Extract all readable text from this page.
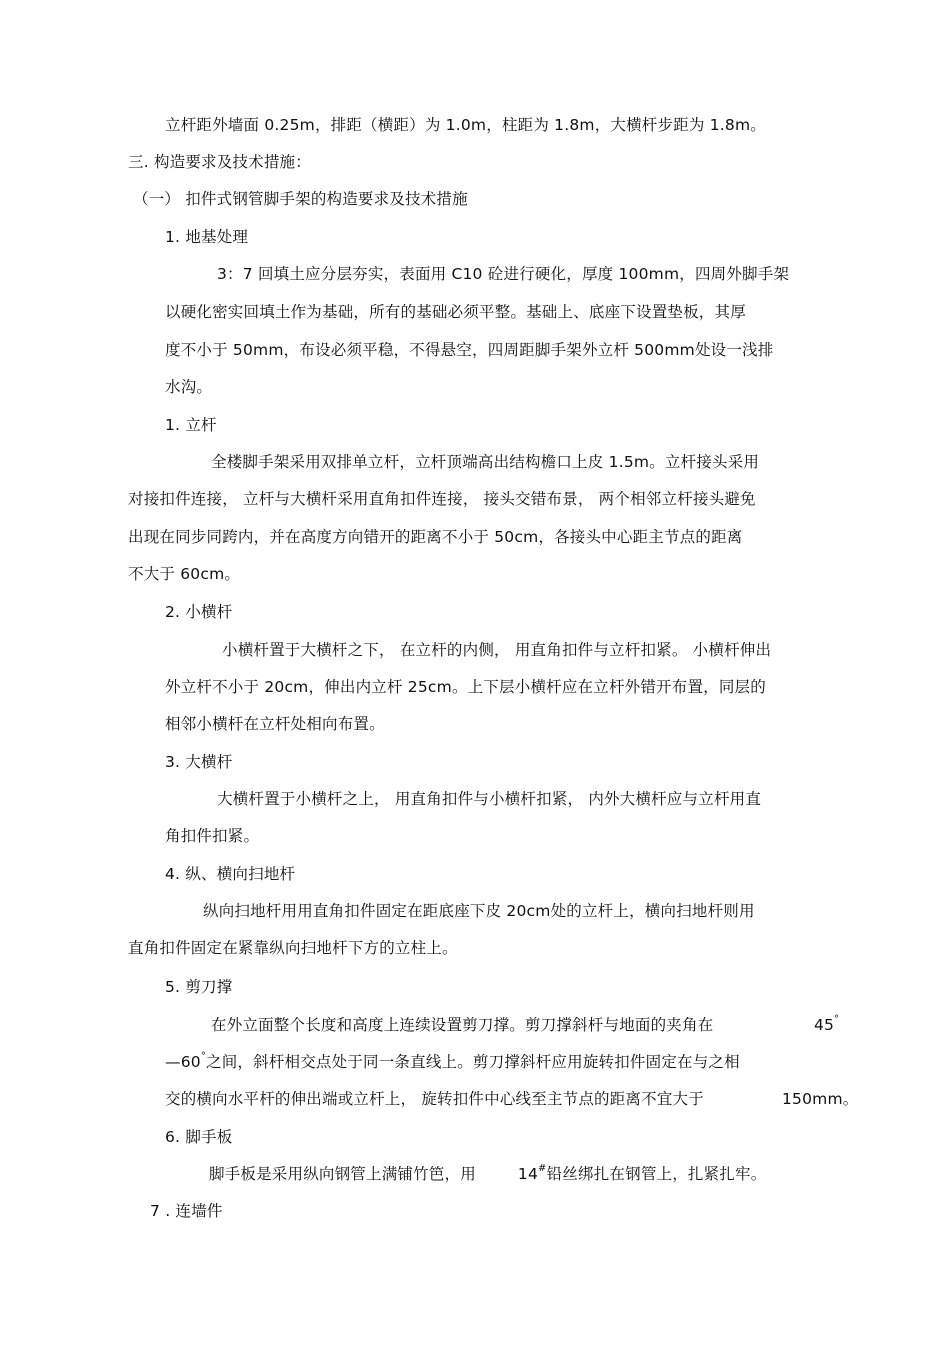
立杆距外墙面 0.25m，排距（横距）为 1.0m，柱距为 1.8m，大横杆步距为 1.8m。
三. 构造要求及技术措施：
（一） 扣件式钢管脚手架的构造要求及技术措施
1. 地基处理
3：7 回填土应分层夯实，表面用 C10 砼进行硬化，厚度 100mm，四周外脚手架
以硬化密实回填土作为基础，所有的基础必须平整。基础上、底座下设置垫板，其厚
度不小于 50mm，布设必须平稳，不得悬空，四周距脚手架外立杆 500mm处设一浅排
水沟。
1. 立杆
全楼脚手架采用双排单立杆，立杆顶端高出结构檐口上皮 1.5m。立杆接头采用
对接扣件连接， 立杆与大横杆采用直角扣件连接， 接头交错布景， 两个相邻立杆接头避免
出现在同步同跨内，并在高度方向错开的距离不小于 50cm，各接头中心距主节点的距离
不大于 60cm。
2. 小横杆
小横杆置于大横杆之下， 在立杆的内侧， 用直角扣件与立杆扣紧。 小横杆伸出
外立杆不小于 20cm，伸出内立杆 25cm。上下层小横杆应在立杆外错开布置，同层的
相邻小横杆在立杆处相向布置。
3. 大横杆
大横杆置于小横杆之上， 用直角扣件与小横杆扣紧， 内外大横杆应与立杆用直
角扣件扣紧。
4. 纵、横向扫地杆
纵向扫地杆用用直角扣件固定在距底座下皮 20cm处的立杆上，横向扫地杆则用
直角扣件固定在紧靠纵向扫地杆下方的立柱上。
5. 剪刀撑
在外立面整个长度和高度上连续设置剪刀撑。剪刀撑斜杆与地面的夹角在	45°
—60°之间，斜杆相交点处于同一条直线上。剪刀撑斜杆应用旋转扣件固定在与之相
交的横向水平杆的伸出端或立杆上， 旋转扣件中心线至主节点的距离不宜大于	150mm。
6. 脚手板
脚手板是采用纵向钢管上满铺竹笆，用	14#铅丝绑扎在钢管上，扎紧扎牢。
7 . 连墙件
